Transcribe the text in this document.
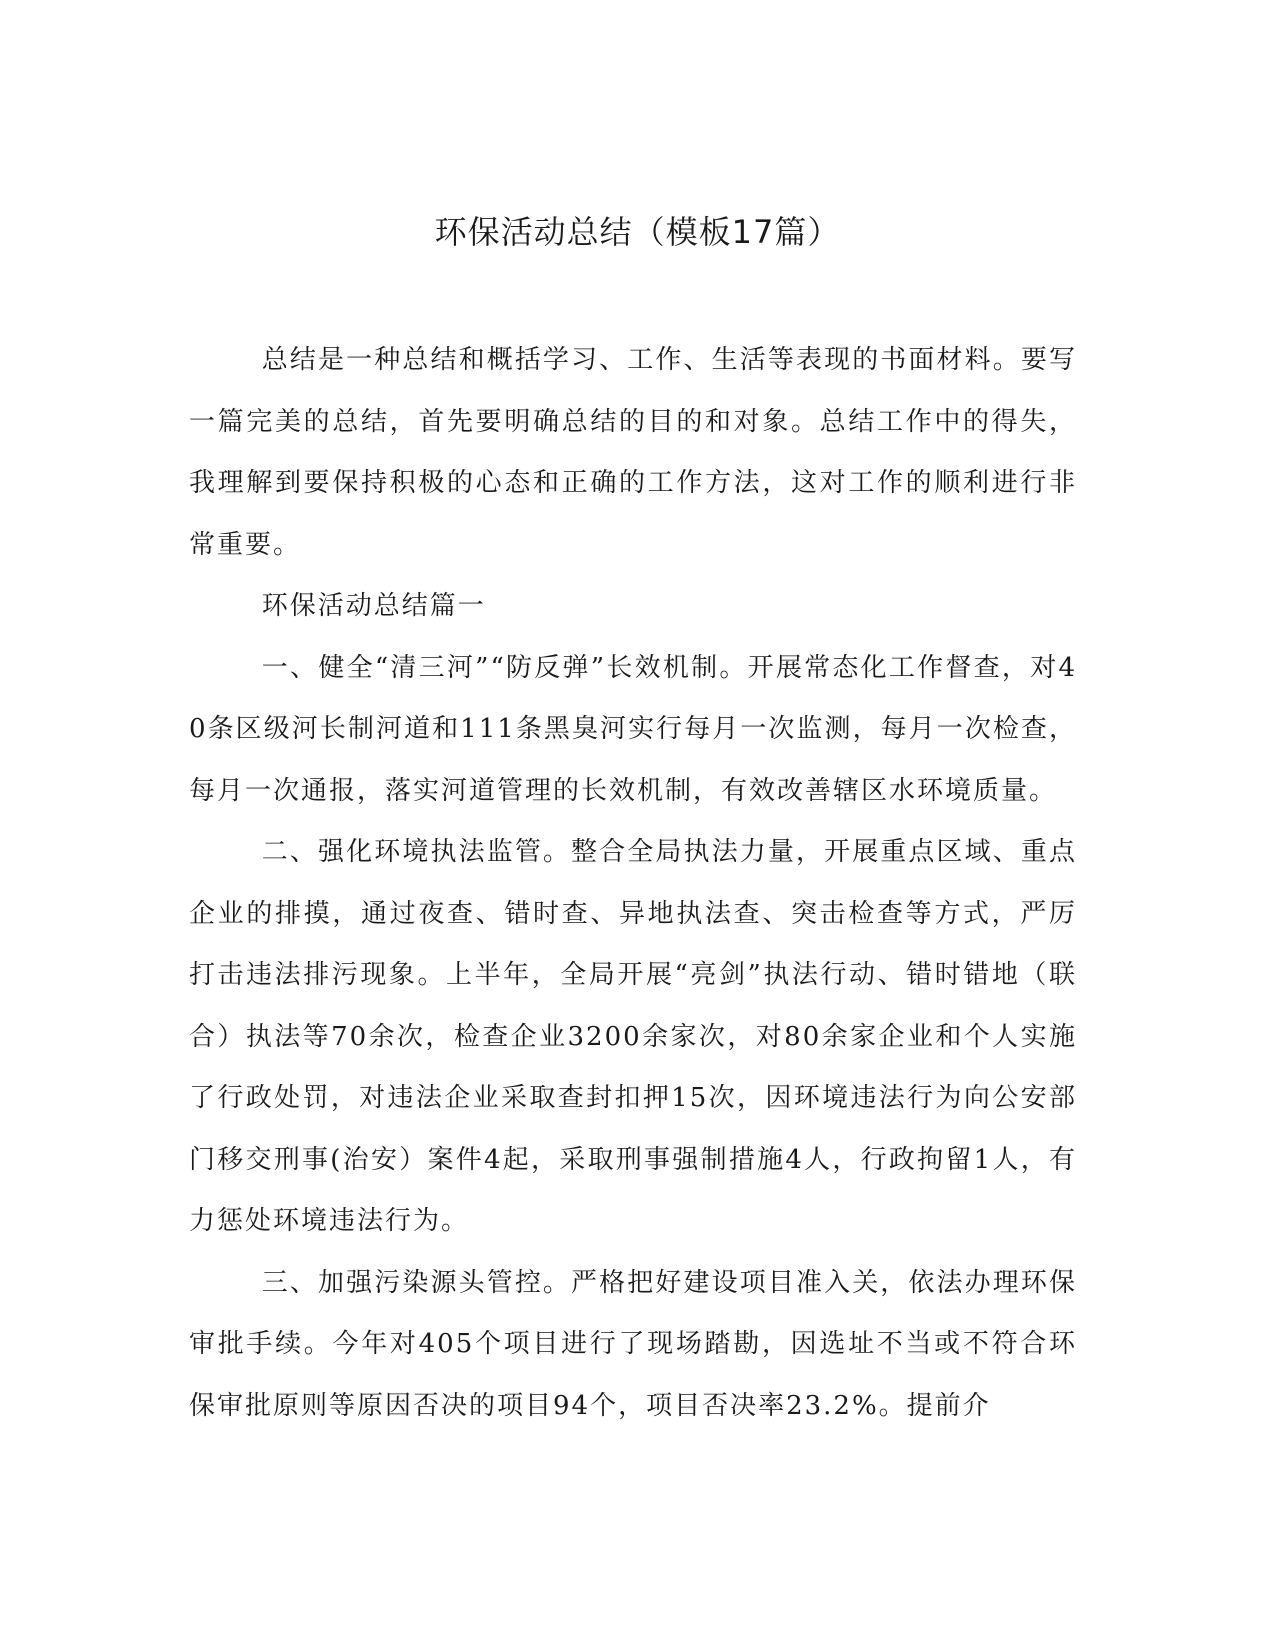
环保活动总结（模板17篇）

总结是一种总结和概括学习、工作、生活等表现的书面材料。要写一篇完美的总结，首先要明确总结的目的和对象。总结工作中的得失，我理解到要保持积极的心态和正确的工作方法，这对工作的顺利进行非常重要。

环保活动总结篇一

一、健全“清三河”“防反弹”长效机制。开展常态化工作督查，对40条区级河长制河道和111条黑臭河实行每月一次监测，每月一次检查，每月一次通报，落实河道管理的长效机制，有效改善辖区水环境质量。

二、强化环境执法监管。整合全局执法力量，开展重点区域、重点企业的排摸，通过夜查、错时查、异地执法查、突击检查等方式，严厉打击违法排污现象。上半年，全局开展“亮剑”执法行动、错时错地（联合）执法等70余次，检查企业3200余家次，对80余家企业和个人实施了行政处罚，对违法企业采取查封扣押15次，因环境违法行为向公安部门移交刑事(治安）案件4起，采取刑事强制措施4人，行政拘留1人，有力惩处环境违法行为。

三、加强污染源头管控。严格把好建设项目准入关，依法办理环保审批手续。今年对405个项目进行了现场踏勘，因选址不当或不符合环保审批原则等原因否决的项目94个，项目否决率23.2%。提前介
